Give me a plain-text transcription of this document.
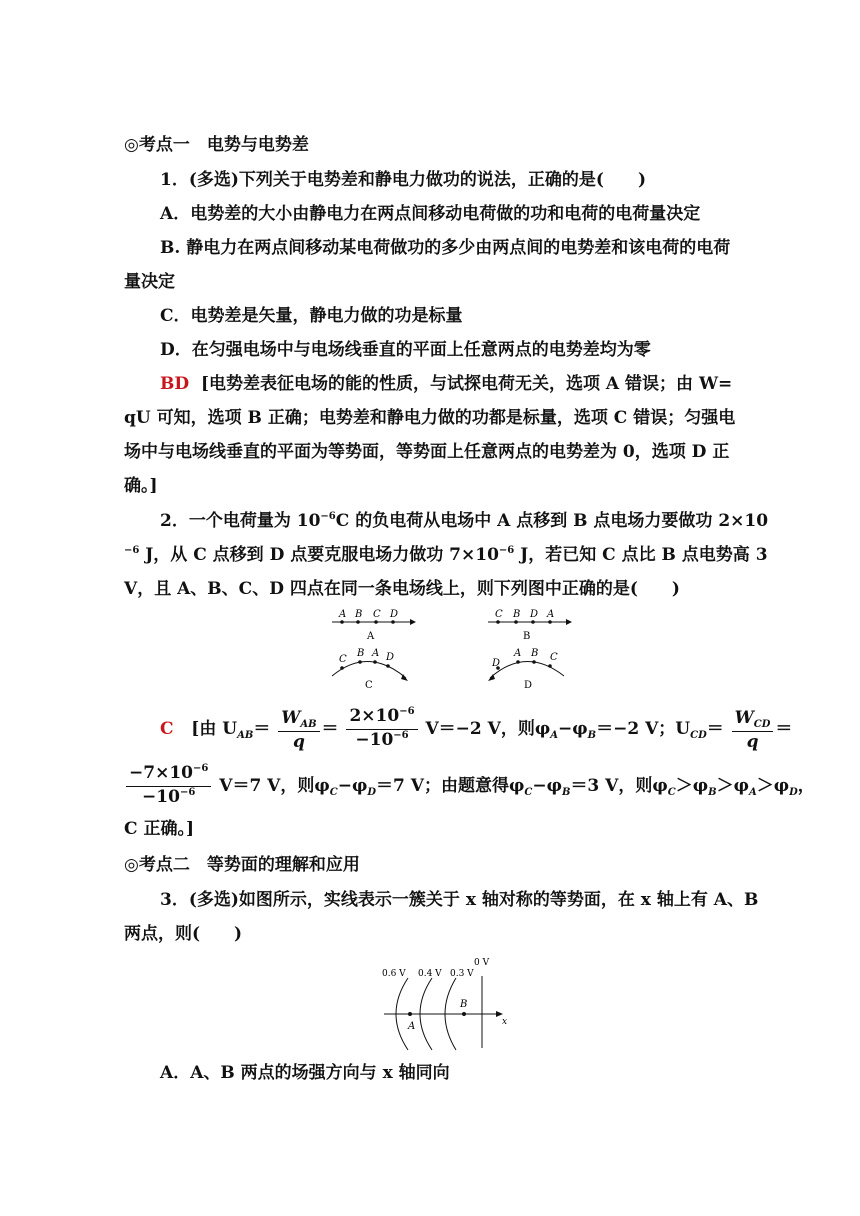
◎考点一　电势与电势差
1．(多选)下列关于电势差和静电力做功的说法，正确的是(　　)
A．电势差的大小由静电力在两点间移动电荷做的功和电荷的电荷量决定
B. 静电力在两点间移动某电荷做功的多少由两点间的电势差和该电荷的电荷
量决定
C．电势差是矢量，静电力做的功是标量
D．在匀强电场中与电场线垂直的平面上任意两点的电势差均为零
BD [电势差表征电场的能的性质，与试探电荷无关，选项 A 错误；由 W=
qU 可知，选项 B 正确；电势差和静电力做的功都是标量，选项 C 错误；匀强电
场中与电场线垂直的平面为等势面，等势面上任意两点的电势差为 0，选项 D 正
确。]
2．一个电荷量为 $10^{-6}C$ 的负电荷从电场中 A 点移到 B 点电场力要做功 2×10
$^{-6}$ J，从 C 点移到 D 点要克服电场力做功 $7\times 10^{-6}$ J，若已知 C 点比 B 点电势高 3
V，且 A、B、C、D 四点在同一条电场线上，则下列图中正确的是(　　)
A B C D
A
C B D A
B
C
B A D
C
D
A B C
D
C [由 $U_{AB}= \frac{W_{AB}}{q} = \frac{2\times 10^{-6}}{-10^{-6}} V=-2$ V，则$\varphi_A-\varphi_B=-2$ V；$U_{CD}= \frac{W_{CD}}{q}$ ＝
$\frac{-7\times 10^{-6}}{-10^{-6}} V=7$ V，则$\varphi_C-\varphi_D=7$ V；由题意得$\varphi_C-\varphi_B=3$ V，则$\varphi_C>\varphi_B>\varphi_A>\varphi_D$，
C 正确。]
◎考点二　等势面的理解和应用
3．(多选)如图所示，实线表示一簇关于 x 轴对称的等势面，在 x 轴上有 A、B
两点，则(　　)
x
A
B
0.6 V 0.4 V 0.3 V
0 V
A．A、B 两点的场强方向与 x 轴同向
